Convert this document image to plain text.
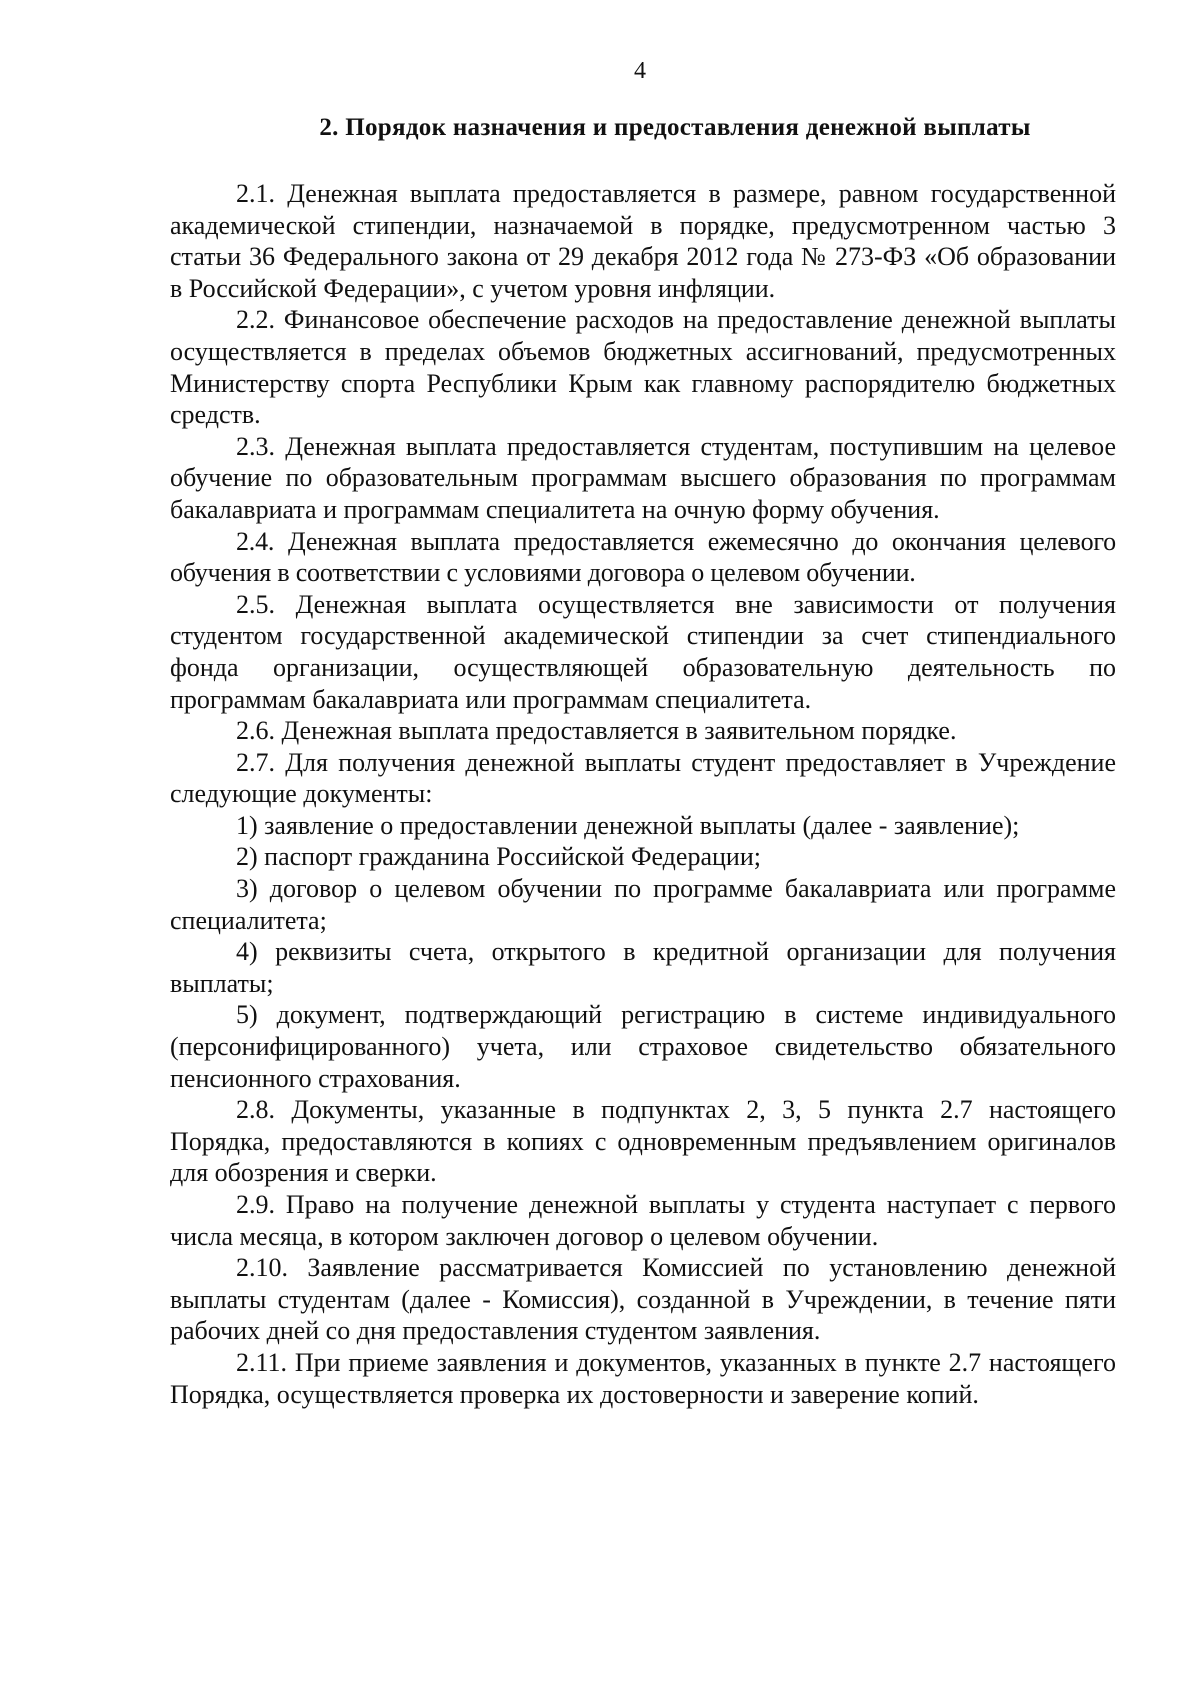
4
2. Порядок назначения и предоставления денежной выплаты

2.1. Денежная выплата предоставляется в размере, равном государственной академической стипендии, назначаемой в порядке, предусмотренном частью 3 статьи 36 Федерального закона от 29 декабря 2012 года № 273-ФЗ «Об образовании в Российской Федерации», с учетом уровня инфляции.

2.2. Финансовое обеспечение расходов на предоставление денежной выплаты осуществляется в пределах объемов бюджетных ассигнований, предусмотренных Министерству спорта Республики Крым как главному распорядителю бюджетных средств.

2.3. Денежная выплата предоставляется студентам, поступившим на целевое обучение по образовательным программам высшего образования по программам бакалавриата и программам специалитета на очную форму обучения.

2.4. Денежная выплата предоставляется ежемесячно до окончания целевого обучения в соответствии с условиями договора о целевом обучении.

2.5. Денежная выплата осуществляется вне зависимости от получения студентом государственной академической стипендии за счет стипендиального фонда организации, осуществляющей образовательную деятельность по программам бакалавриата или программам специалитета.

2.6. Денежная выплата предоставляется в заявительном порядке.

2.7. Для получения денежной выплаты студент предоставляет в Учреждение следующие документы:

1) заявление о предоставлении денежной выплаты (далее - заявление);

2) паспорт гражданина Российской Федерации;

3) договор о целевом обучении по программе бакалавриата или программе специалитета;

4) реквизиты счета, открытого в кредитной организации для получения выплаты;

5) документ, подтверждающий регистрацию в системе индивидуального (персонифицированного) учета, или страховое свидетельство обязательного пенсионного страхования.

2.8. Документы, указанные в подпунктах 2, 3, 5 пункта 2.7 настоящего Порядка, предоставляются в копиях с одновременным предъявлением оригиналов для обозрения и сверки.

2.9. Право на получение денежной выплаты у студента наступает с первого числа месяца, в котором заключен договор о целевом обучении.

2.10. Заявление рассматривается Комиссией по установлению денежной выплаты студентам (далее - Комиссия), созданной в Учреждении, в течение пяти рабочих дней со дня предоставления студентом заявления.

2.11. При приеме заявления и документов, указанных в пункте 2.7 настоящего Порядка, осуществляется проверка их достоверности и заверение копий.
